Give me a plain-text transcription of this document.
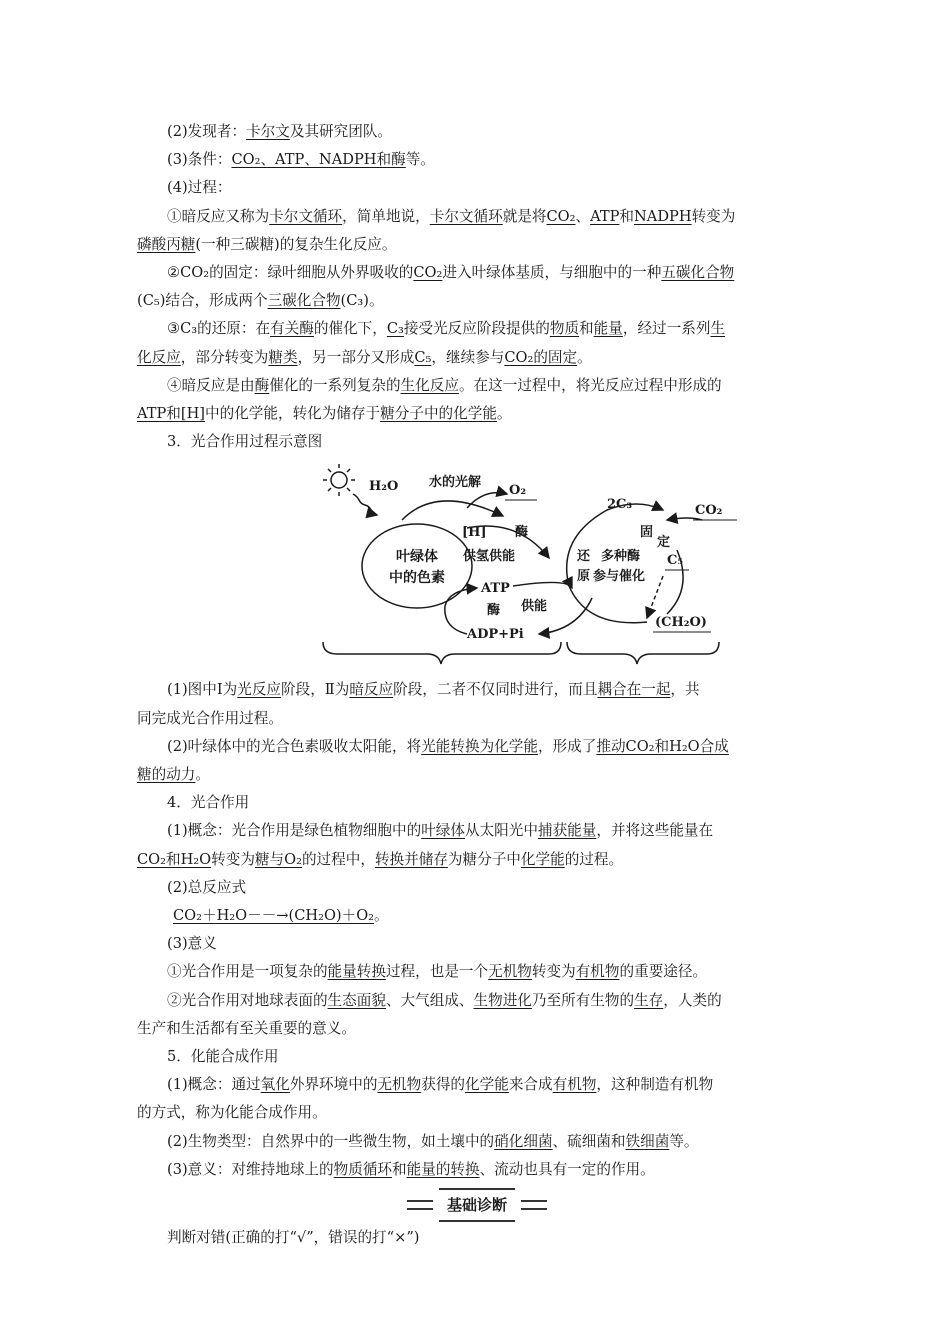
(2)发现者：卡尔文及其研究团队。

(3)条件：CO₂、ATP、NADPH和酶等。

(4)过程：

①暗反应又称为卡尔文循环，简单地说，卡尔文循环就是将CO₂、ATP和NADPH转变为
磷酸丙糖(一种三碳糖)的复杂生化反应。

②CO₂的固定：绿叶细胞从外界吸收的CO₂进入叶绿体基质，与细胞中的一种五碳化合物
(C₅)结合，形成两个三碳化合物(C₃)。

③C₃的还原：在有关酶的催化下，C₃接受光反应阶段提供的物质和能量，经过一系列生
化反应，部分转变为糖类，另一部分又形成C₅，继续参与CO₂的固定。

④暗反应是由酶催化的一系列复杂的生化反应。在这一过程中，将光反应过程中形成的
ATP和[H]中的化学能，转化为储存于糖分子中的化学能。

3．光合作用过程示意图

叶绿体
中的色素
H₂O 水的光解
O₂
[H] 酶
供氢供能
ATP
酶 供能
ADP+Pi
2C₃	CO₂
固
定
C₅
还
原
多种酶
参与催化
(CH₂O)

(1)图中Ⅰ为光反应阶段，Ⅱ为暗反应阶段，二者不仅同时进行，而且耦合在一起，共
同完成光合作用过程。

(2)叶绿体中的光合色素吸收太阳能，将光能转换为化学能，形成了推动CO₂和H₂O合成
糖的动力。

4．光合作用

(1)概念：光合作用是绿色植物细胞中的叶绿体从太阳光中捕获能量，并将这些能量在
CO₂和H₂O转变为糖与O₂的过程中，转换并储存为糖分子中化学能的过程。

(2)总反应式

CO₂＋H₂O－－→(CH₂O)＋O₂。

(3)意义

①光合作用是一项复杂的能量转换过程，也是一个无机物转变为有机物的重要途径。

②光合作用对地球表面的生态面貌、大气组成、生物进化乃至所有生物的生存，人类的
生产和生活都有至关重要的意义。

5．化能合成作用

(1)概念：通过氧化外界环境中的无机物获得的化学能来合成有机物，这种制造有机物
的方式，称为化能合成作用。

(2)生物类型：自然界中的一些微生物，如土壤中的硝化细菌、硫细菌和铁细菌等。

(3)意义：对维持地球上的物质循环和能量的转换、流动也具有一定的作用。

基础诊断

判断对错(正确的打“√”，错误的打“×”)
